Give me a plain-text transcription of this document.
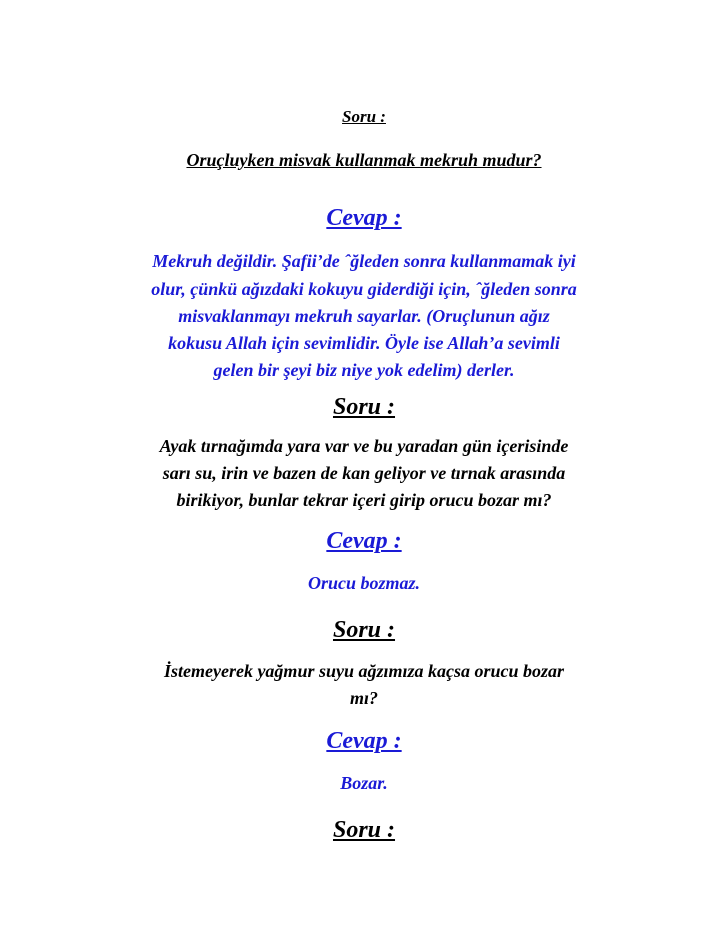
Soru :
Oruçluyken misvak kullanmak mekruh mudur?
Cevap :
Mekruh değildir. Şafii’de ˆğleden sonra kullanmamak iyi
olur, çünkü ağızdaki kokuyu giderdiği için, ˆğleden sonra
misvaklanmayı mekruh sayarlar. (Oruçlunun ağız
kokusu Allah için sevimlidir. Öyle ise Allah’a sevimli
gelen bir şeyi biz niye yok edelim) derler.
Soru :
Ayak tırnağımda yara var ve bu yaradan gün içerisinde
sarı su, irin ve bazen de kan geliyor ve tırnak arasında
birikiyor, bunlar tekrar içeri girip orucu bozar mı?
Cevap :
Orucu bozmaz.
Soru :
İstemeyerek yağmur suyu ağzımıza kaçsa orucu bozar
mı?
Cevap :
Bozar.
Soru :
